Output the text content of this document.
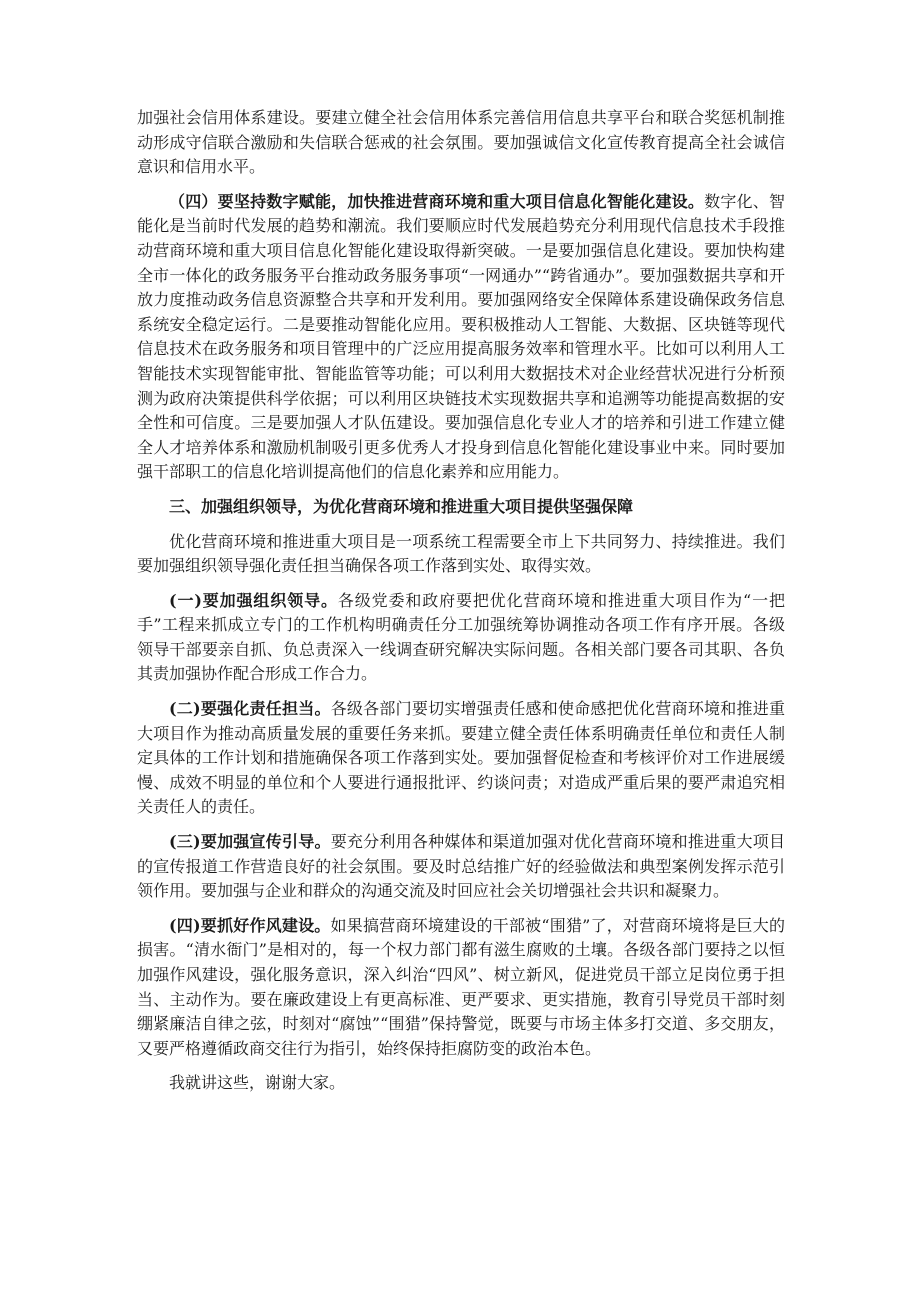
加强社会信用体系建设。要建立健全社会信用体系完善信用信息共享平台和联合奖惩机制推动形成守信联合激励和失信联合惩戒的社会氛围。要加强诚信文化宣传教育提高全社会诚信意识和信用水平。

（四）要坚持数字赋能，加快推进营商环境和重大项目信息化智能化建设。数字化、智能化是当前时代发展的趋势和潮流。我们要顺应时代发展趋势充分利用现代信息技术手段推动营商环境和重大项目信息化智能化建设取得新突破。一是要加强信息化建设。要加快构建全市一体化的政务服务平台推动政务服务事项“一网通办”“跨省通办”。要加强数据共享和开放力度推动政务信息资源整合共享和开发利用。要加强网络安全保障体系建设确保政务信息系统安全稳定运行。二是要推动智能化应用。要积极推动人工智能、大数据、区块链等现代信息技术在政务服务和项目管理中的广泛应用提高服务效率和管理水平。比如可以利用人工智能技术实现智能审批、智能监管等功能；可以利用大数据技术对企业经营状况进行分析预测为政府决策提供科学依据；可以利用区块链技术实现数据共享和追溯等功能提高数据的安全性和可信度。三是要加强人才队伍建设。要加强信息化专业人才的培养和引进工作建立健全人才培养体系和激励机制吸引更多优秀人才投身到信息化智能化建设事业中来。同时要加强干部职工的信息化培训提高他们的信息化素养和应用能力。

三、加强组织领导，为优化营商环境和推进重大项目提供坚强保障

优化营商环境和推进重大项目是一项系统工程需要全市上下共同努力、持续推进。我们要加强组织领导强化责任担当确保各项工作落到实处、取得实效。

(一)要加强组织领导。各级党委和政府要把优化营商环境和推进重大项目作为“一把手”工程来抓成立专门的工作机构明确责任分工加强统筹协调推动各项工作有序开展。各级领导干部要亲自抓、负总责深入一线调查研究解决实际问题。各相关部门要各司其职、各负其责加强协作配合形成工作合力。

(二)要强化责任担当。各级各部门要切实增强责任感和使命感把优化营商环境和推进重大项目作为推动高质量发展的重要任务来抓。要建立健全责任体系明确责任单位和责任人制定具体的工作计划和措施确保各项工作落到实处。要加强督促检查和考核评价对工作进展缓慢、成效不明显的单位和个人要进行通报批评、约谈问责；对造成严重后果的要严肃追究相关责任人的责任。

(三)要加强宣传引导。要充分利用各种媒体和渠道加强对优化营商环境和推进重大项目的宣传报道工作营造良好的社会氛围。要及时总结推广好的经验做法和典型案例发挥示范引领作用。要加强与企业和群众的沟通交流及时回应社会关切增强社会共识和凝聚力。

(四)要抓好作风建设。如果搞营商环境建设的干部被“围猎”了，对营商环境将是巨大的损害。“清水衙门”是相对的，每一个权力部门都有滋生腐败的土壤。各级各部门要持之以恒加强作风建设，强化服务意识，深入纠治“四风”、树立新风，促进党员干部立足岗位勇于担当、主动作为。要在廉政建设上有更高标准、更严要求、更实措施，教育引导党员干部时刻绷紧廉洁自律之弦，时刻对“腐蚀”“围猎”保持警觉，既要与市场主体多打交道、多交朋友，又要严格遵循政商交往行为指引，始终保持拒腐防变的政治本色。

我就讲这些，谢谢大家。
